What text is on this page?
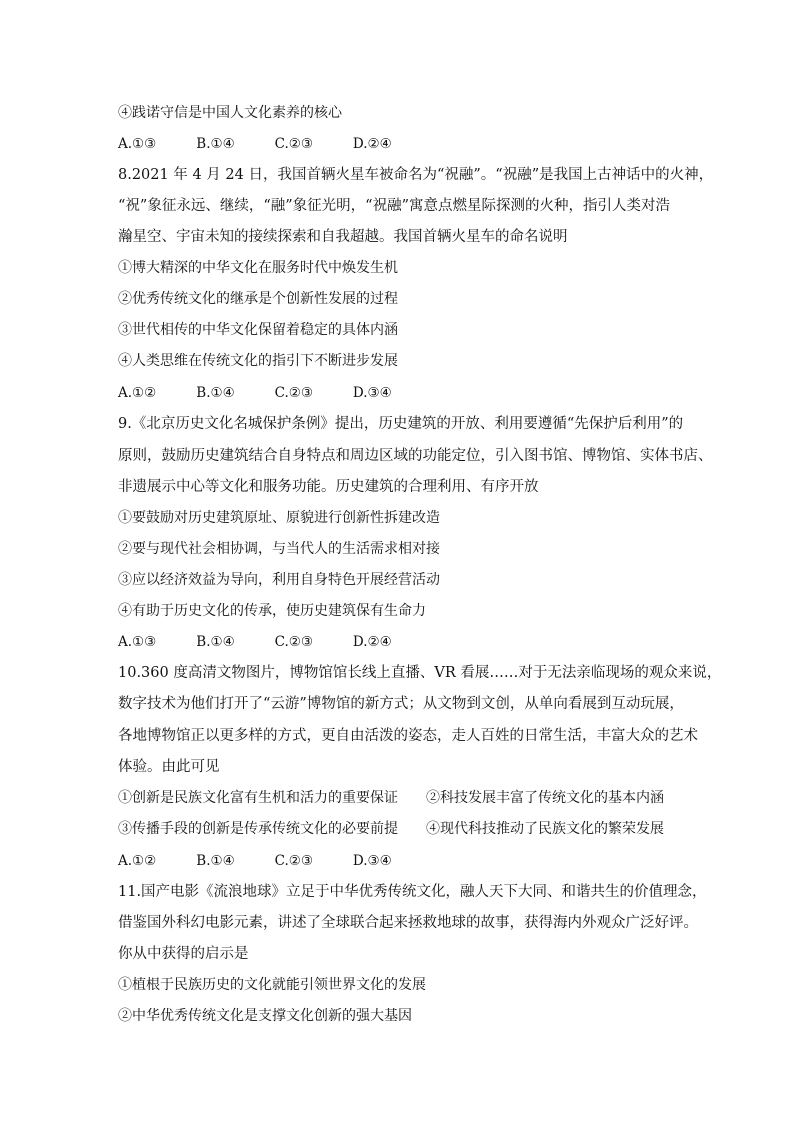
④践诺守信是中国人文化素养的核心
A.①③	B.①④	C.②③	D.②④
8.2021 年 4 月 24 日，我国首辆火星车被命名为“祝融”。“祝融”是我国上古神话中的火神，
“祝”象征永远、继续，“融”象征光明，“祝融”寓意点燃星际探测的火种，指引人类对浩
瀚星空、宇宙未知的接续探索和自我超越。我国首辆火星车的命名说明
①博大精深的中华文化在服务时代中焕发生机
②优秀传统文化的继承是个创新性发展的过程
③世代相传的中华文化保留着稳定的具体内涵
④人类思维在传统文化的指引下不断进步发展
A.①②	B.①④	C.②③	D.③④
9.《北京历史文化名城保护条例》提出，历史建筑的开放、利用要遵循“先保护后利用”的
原则，鼓励历史建筑结合自身特点和周边区域的功能定位，引入图书馆、博物馆、实体书店、
非遗展示中心等文化和服务功能。历史建筑的合理利用、有序开放
①要鼓励对历史建筑原址、原貌进行创新性拆建改造
②要与现代社会相协调，与当代人的生活需求相对接
③应以经济效益为导向，利用自身特色开展经营活动
④有助于历史文化的传承，使历史建筑保有生命力
A.①③	B.①④	C.②③	D.②④
10.360 度高清文物图片，博物馆馆长线上直播、VR 看展……对于无法亲临现场的观众来说，
数字技术为他们打开了“云游”博物馆的新方式；从文物到文创，从单向看展到互动玩展，
各地博物馆正以更多样的方式，更自由活泼的姿态，走人百姓的日常生活，丰富大众的艺术
体验。由此可见
①创新是民族文化富有生机和活力的重要保证 ②科技发展丰富了传统文化的基本内涵
③传播手段的创新是传承传统文化的必要前提 ④现代科技推动了民族文化的繁荣发展
A.①②	B.①④	C.②③	D.③④
11.国产电影《流浪地球》立足于中华优秀传统文化，融人天下大同、和谐共生的价值理念，
借鉴国外科幻电影元素，讲述了全球联合起来拯救地球的故事，获得海内外观众广泛好评。
你从中获得的启示是
①植根于民族历史的文化就能引领世界文化的发展
②中华优秀传统文化是支撑文化创新的强大基因
